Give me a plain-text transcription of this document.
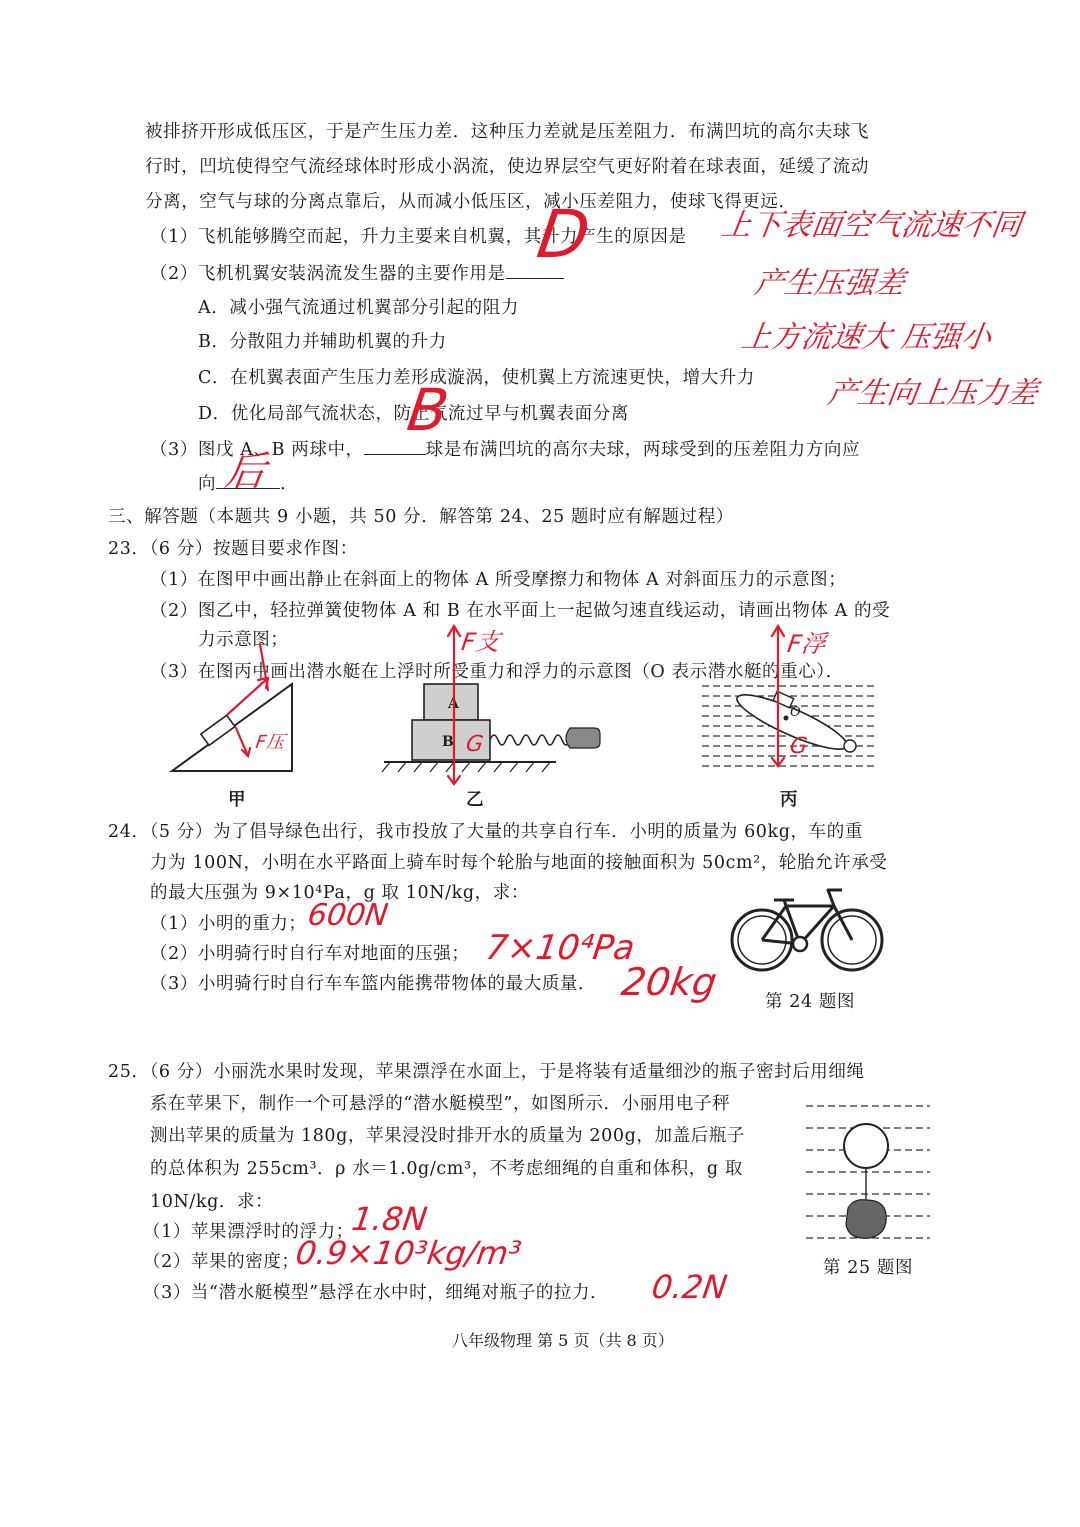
被排挤开形成低压区，于是产生压力差．这种压力差就是压差阻力．布满凹坑的高尔夫球飞
行时，凹坑使得空气流经球体时形成小涡流，使边界层空气更好附着在球表面，延缓了流动
分离，空气与球的分离点靠后，从而减小低压区，减小压差阻力，使球飞得更远．
（1）飞机能够腾空而起，升力主要来自机翼，其升力产生的原因是
（2）飞机机翼安装涡流发生器的主要作用是
A．减小强气流通过机翼部分引起的阻力
B．分散阻力并辅助机翼的升力
C．在机翼表面产生压力差形成漩涡，使机翼上方流速更快，增大升力
D．优化局部气流状态，防止气流过早与机翼表面分离
（3）图戊 A、B 两球中，	球是布满凹坑的高尔夫球，两球受到的压差阻力方向应
向	．
三、解答题（本题共 9 小题，共 50 分．解答第 24、25 题时应有解题过程）
23．（6 分）按题目要求作图：
（1）在图甲中画出静止在斜面上的物体 A 所受摩擦力和物体 A 对斜面压力的示意图；
（2）图乙中，轻拉弹簧使物体 A 和 B 在水平面上一起做匀速直线运动，请画出物体 A 的受
力示意图；
（3）在图丙中画出潜水艇在上浮时所受重力和浮力的示意图（O 表示潜水艇的重心）．
甲
A
B
乙
O
丙
24．（5 分）为了倡导绿色出行，我市投放了大量的共享自行车．小明的质量为 60kg，车的重
力为 100N，小明在水平路面上骑车时每个轮胎与地面的接触面积为 50cm²，轮胎允许承受
的最大压强为 9×10⁴Pa，g 取 10N/kg，求：
（1）小明的重力；
（2）小明骑行时自行车对地面的压强；
（3）小明骑行时自行车车篮内能携带物体的最大质量．
第 24 题图
25．（6 分）小丽洗水果时发现，苹果漂浮在水面上，于是将装有适量细沙的瓶子密封后用细绳
系在苹果下，制作一个可悬浮的“潜水艇模型”，如图所示．小丽用电子秤
测出苹果的质量为 180g，苹果浸没时排开水的质量为 200g，加盖后瓶子
的总体积为 255cm³．ρ 水＝1.0g/cm³，不考虑细绳的自重和体积，g 取
10N/kg．求：
（1）苹果漂浮时的浮力；
（2）苹果的密度；
（3）当“潜水艇模型”悬浮在水中时，细绳对瓶子的拉力．
第 25 题图
八年级物理 第 5 页（共 8 页）
上下表面空气流速不同
产生压强差
上方流速大 压强小
产生向上压力差
D
B
后
F压
F支
G
F浮
G
600N
7×10⁴Pa
20kg
1.8N
0.9×10³kg/m³
0.2N
